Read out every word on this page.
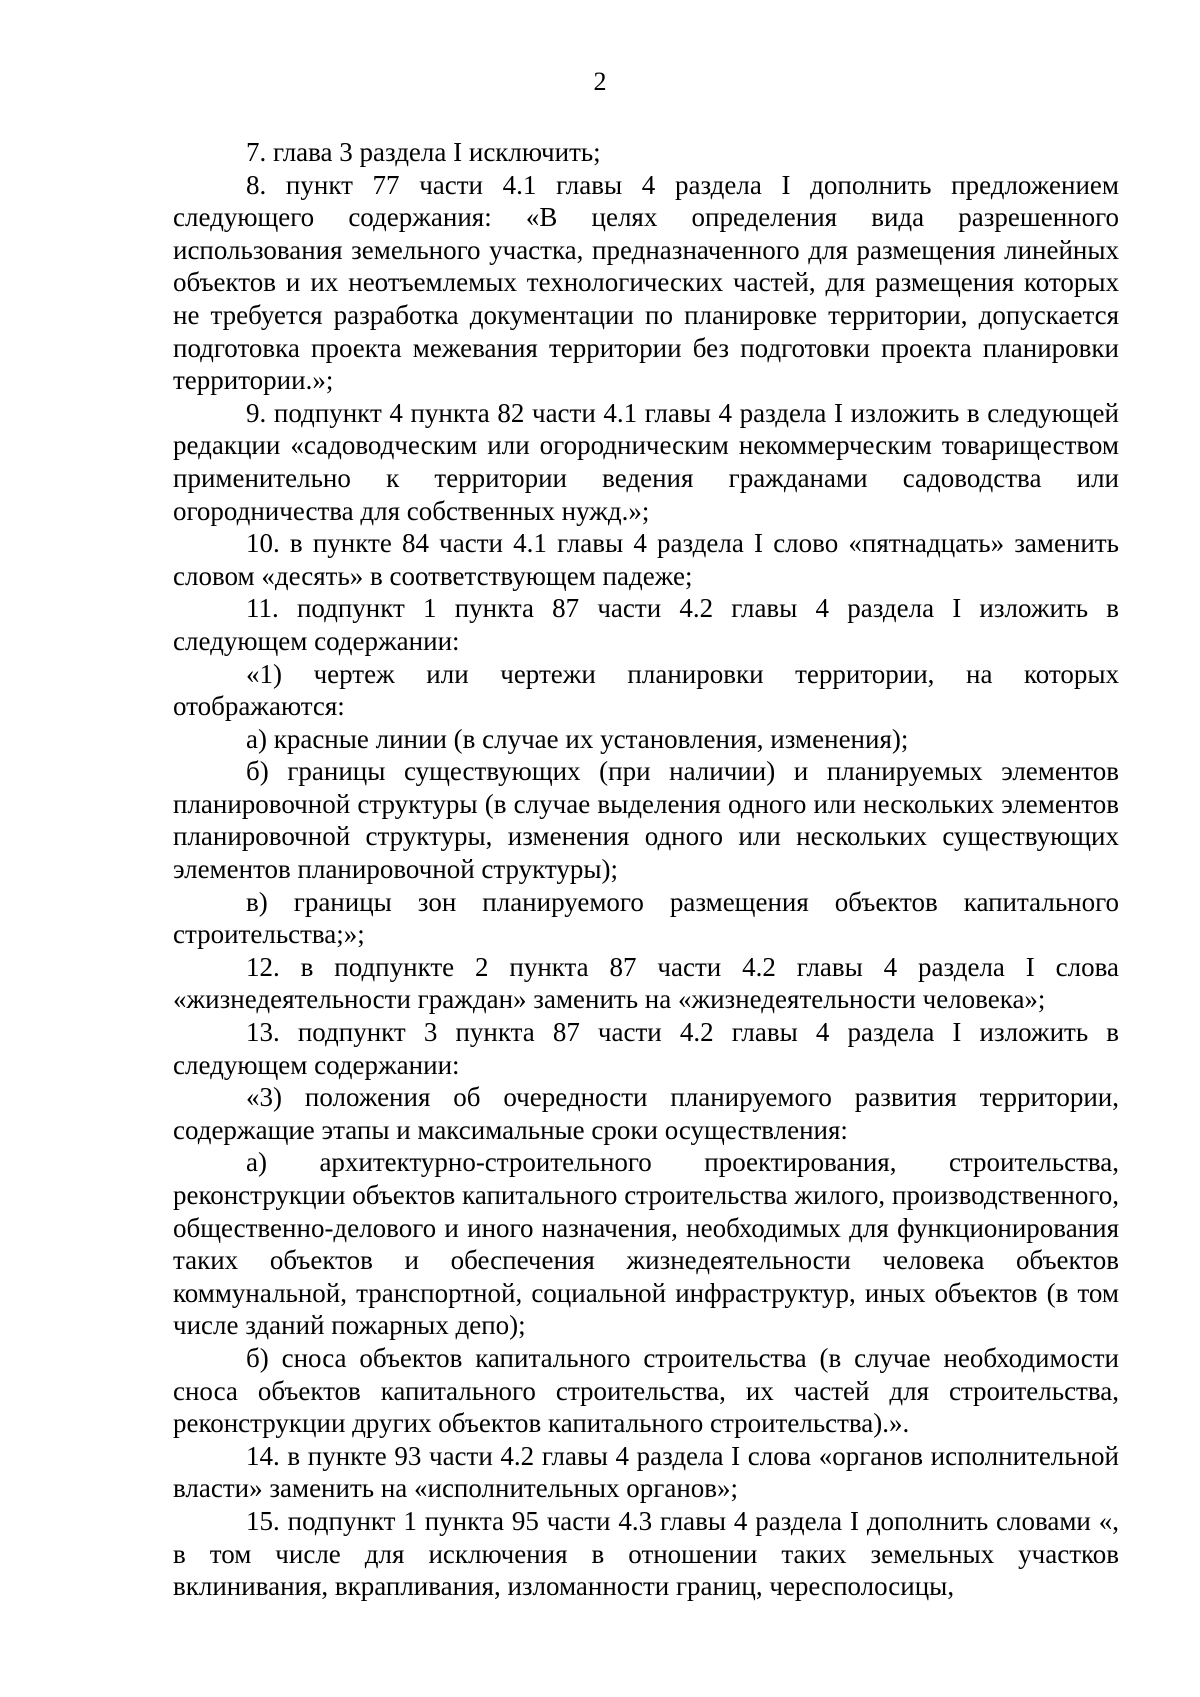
2

7. глава 3 раздела I исключить;

8. пункт 77 части 4.1 главы 4 раздела I дополнить предложением следующего содержания: «В целях определения вида разрешенного использования земельного участка, предназначенного для размещения линейных объектов и их неотъемлемых технологических частей, для размещения которых не требуется разработка документации по планировке территории, допускается подготовка проекта межевания территории без подготовки проекта планировки территории.»;

9. подпункт 4 пункта 82 части 4.1 главы 4 раздела I изложить в следующей редакции «садоводческим или огородническим некоммерческим товариществом применительно к территории ведения гражданами садоводства или огородничества для собственных нужд.»;

10. в пункте 84 части 4.1 главы 4 раздела I слово «пятнадцать» заменить словом «десять» в соответствующем падеже;

11. подпункт 1 пункта 87 части 4.2 главы 4 раздела I изложить в следующем содержании:

«1) чертеж или чертежи планировки территории, на которых отображаются:

а) красные линии (в случае их установления, изменения);

б) границы существующих (при наличии) и планируемых элементов планировочной структуры (в случае выделения одного или нескольких элементов планировочной структуры, изменения одного или нескольких существующих элементов планировочной структуры);

в) границы зон планируемого размещения объектов капитального строительства;»;

12. в подпункте 2 пункта 87 части 4.2 главы 4 раздела I слова «жизнедеятельности граждан» заменить на «жизнедеятельности человека»;

13. подпункт 3 пункта 87 части 4.2 главы 4 раздела I изложить в следующем содержании:

«3) положения об очередности планируемого развития территории, содержащие этапы и максимальные сроки осуществления:

а) архитектурно-строительного проектирования, строительства, реконструкции объектов капитального строительства жилого, производственного, общественно-делового и иного назначения, необходимых для функционирования таких объектов и обеспечения жизнедеятельности человека объектов коммунальной, транспортной, социальной инфраструктур, иных объектов (в том числе зданий пожарных депо);

б) сноса объектов капитального строительства (в случае необходимости сноса объектов капитального строительства, их частей для строительства, реконструкции других объектов капитального строительства).».

14. в пункте 93 части 4.2 главы 4 раздела I слова «органов исполнительной власти» заменить на «исполнительных органов»;

15. подпункт 1 пункта 95 части 4.3 главы 4 раздела I дополнить словами «, в том числе для исключения в отношении таких земельных участков вклинивания, вкрапливания, изломанности границ, чересполосицы,
